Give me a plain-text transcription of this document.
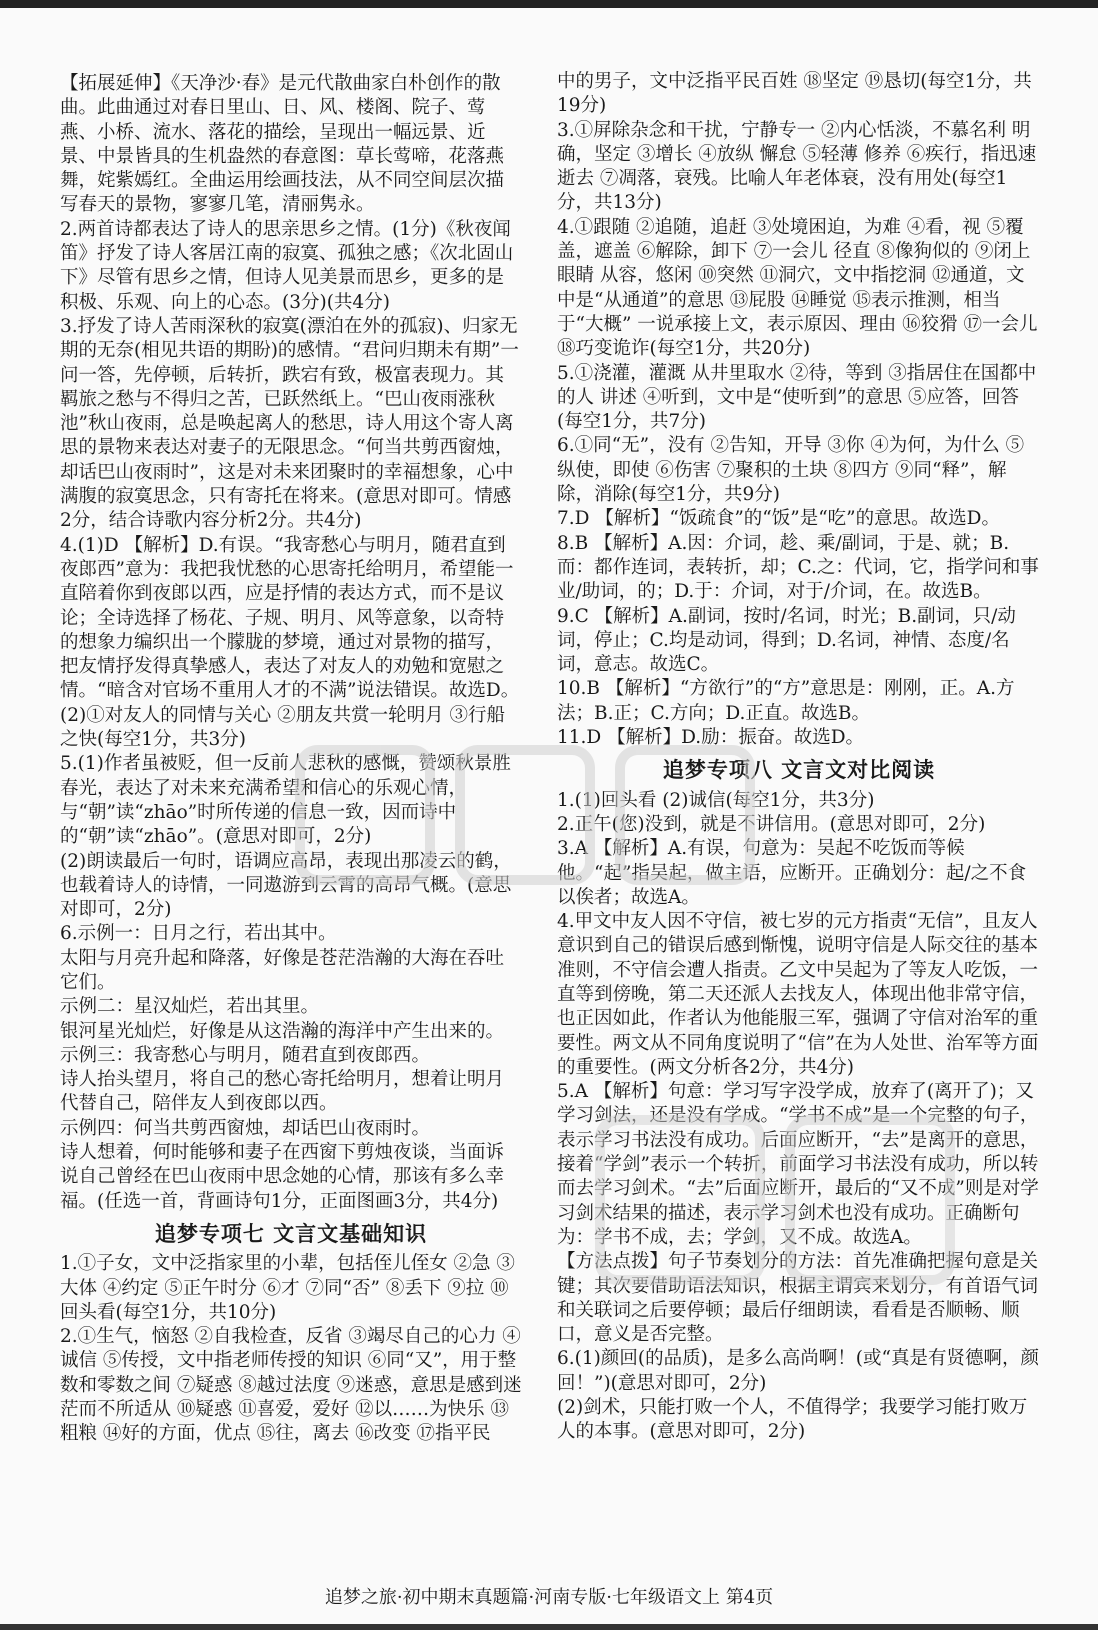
【拓展延伸】《天净沙·春》是元代散曲家白朴创作的散曲。此曲通过对春日里山、日、风、楼阁、院子、莺燕、小桥、流水、落花的描绘，呈现出一幅远景、近景、中景皆具的生机盎然的春意图：草长莺啼，花落燕舞，姹紫嫣红。全曲运用绘画技法，从不同空间层次描写春天的景物，寥寥几笔，清丽隽永。

2.两首诗都表达了诗人的思亲思乡之情。(1分)《秋夜闻笛》抒发了诗人客居江南的寂寞、孤独之感；《次北固山下》尽管有思乡之情，但诗人见美景而思乡，更多的是积极、乐观、向上的心态。(3分)(共4分)

3.抒发了诗人苦雨深秋的寂寞(漂泊在外的孤寂)、归家无期的无奈(相见共语的期盼)的感情。“君问归期未有期”一问一答，先停顿，后转折，跌宕有致，极富表现力。其羁旅之愁与不得归之苦，已跃然纸上。“巴山夜雨涨秋池”秋山夜雨，总是唤起离人的愁思，诗人用这个寄人离思的景物来表达对妻子的无限思念。“何当共剪西窗烛，却话巴山夜雨时”，这是对未来团聚时的幸福想象，心中满腹的寂寞思念，只有寄托在将来。(意思对即可。情感2分，结合诗歌内容分析2分。共4分)

4.(1)D 【解析】D.有误。“我寄愁心与明月，随君直到夜郎西”意为：我把我忧愁的心思寄托给明月，希望能一直陪着你到夜郎以西，应是抒情的表达方式，而不是议论；全诗选择了杨花、子规、明月、风等意象，以奇特的想象力编织出一个朦胧的梦境，通过对景物的描写，把友情抒发得真挚感人，表达了对友人的劝勉和宽慰之情。“暗含对官场不重用人才的不满”说法错误。故选D。

(2)①对友人的同情与关心 ②朋友共赏一轮明月 ③行船之快(每空1分，共3分)

5.(1)作者虽被贬，但一反前人悲秋的感慨，赞颂秋景胜春光，表达了对未来充满希望和信心的乐观心情，与“朝”读“zhāo”时所传递的信息一致，因而诗中的“朝”读“zhāo”。(意思对即可，2分)

(2)朗读最后一句时，语调应高昂，表现出那凌云的鹤，也载着诗人的诗情，一同遨游到云霄的高昂气概。(意思对即可，2分)

6.示例一：日月之行，若出其中。

太阳与月亮升起和降落，好像是苍茫浩瀚的大海在吞吐它们。

示例二：星汉灿烂，若出其里。

银河星光灿烂，好像是从这浩瀚的海洋中产生出来的。

示例三：我寄愁心与明月，随君直到夜郎西。

诗人抬头望月，将自己的愁心寄托给明月，想着让明月代替自己，陪伴友人到夜郎以西。

示例四：何当共剪西窗烛，却话巴山夜雨时。

诗人想着，何时能够和妻子在西窗下剪烛夜谈，当面诉说自己曾经在巴山夜雨中思念她的心情，那该有多么幸福。(任选一首，背画诗句1分，正面图画3分，共4分)

追梦专项七 文言文基础知识

1.①子女，文中泛指家里的小辈，包括侄儿侄女 ②急 ③大体 ④约定 ⑤正午时分 ⑥才 ⑦同“否” ⑧丢下 ⑨拉 ⑩回头看(每空1分，共10分)

2.①生气，恼怒 ②自我检查，反省 ③竭尽自己的心力 ④诚信 ⑤传授，文中指老师传授的知识 ⑥同“又”，用于整数和零数之间 ⑦疑惑 ⑧越过法度 ⑨迷惑，意思是感到迷茫而不所适从 ⑩疑惑 ⑪喜爱，爱好 ⑫以……为快乐 ⑬粗粮 ⑭好的方面，优点 ⑮往，离去 ⑯改变 ⑰指平民

中的男子，文中泛指平民百姓 ⑱坚定 ⑲恳切(每空1分，共19分)

3.①屏除杂念和干扰，宁静专一 ②内心恬淡，不慕名利 明确，坚定 ③增长 ④放纵 懈怠 ⑤轻薄 修养 ⑥疾行，指迅速逝去 ⑦凋落，衰残。比喻人年老体衰，没有用处(每空1分，共13分)

4.①跟随 ②追随，追赶 ③处境困迫，为难 ④看，视 ⑤覆盖，遮盖 ⑥解除，卸下 ⑦一会儿 径直 ⑧像狗似的 ⑨闭上眼睛 从容，悠闲 ⑩突然 ⑪洞穴，文中指挖洞 ⑫通道，文中是“从通道”的意思 ⑬屁股 ⑭睡觉 ⑮表示推测，相当于“大概” 一说承接上文，表示原因、理由 ⑯狡猾 ⑰一会儿 ⑱巧变诡诈(每空1分，共20分)

5.①浇灌，灌溉 从井里取水 ②待，等到 ③指居住在国都中的人 讲述 ④听到，文中是“使听到”的意思 ⑤应答，回答(每空1分，共7分)

6.①同“无”，没有 ②告知，开导 ③你 ④为何，为什么 ⑤纵使，即使 ⑥伤害 ⑦聚积的土块 ⑧四方 ⑨同“释”，解除，消除(每空1分，共9分)

7.D 【解析】“饭疏食”的“饭”是“吃”的意思。故选D。

8.B 【解析】A.因：介词，趁、乘/副词，于是、就；B.而：都作连词，表转折，却；C.之：代词，它，指学问和事业/助词，的；D.于：介词，对于/介词，在。故选B。

9.C 【解析】A.副词，按时/名词，时光；B.副词，只/动词，停止；C.均是动词，得到；D.名词，神情、态度/名词，意志。故选C。

10.B 【解析】“方欲行”的“方”意思是：刚刚，正。A.方法；B.正；C.方向；D.正直。故选B。

11.D 【解析】D.励：振奋。故选D。

追梦专项八 文言文对比阅读

1.(1)回头看 (2)诚信(每空1分，共3分)

2.正午(您)没到，就是不讲信用。(意思对即可，2分)

3.A 【解析】A.有误，句意为：吴起不吃饭而等候他。“起”指吴起，做主语，应断开。正确划分：起/之不食以俟者；故选A。

4.甲文中友人因不守信，被七岁的元方指责“无信”，且友人意识到自己的错误后感到惭愧，说明守信是人际交往的基本准则，不守信会遭人指责。乙文中吴起为了等友人吃饭，一直等到傍晚，第二天还派人去找友人，体现出他非常守信，也正因如此，作者认为他能服三军，强调了守信对治军的重要性。两文从不同角度说明了“信”在为人处世、治军等方面的重要性。(两文分析各2分，共4分)

5.A 【解析】句意：学习写字没学成，放弃了(离开了)；又学习剑法，还是没有学成。“学书不成”是一个完整的句子，表示学习书法没有成功。后面应断开，“去”是离开的意思，接着“学剑”表示一个转折，前面学习书法没有成功，所以转而去学习剑术。“去”后面应断开，最后的“又不成”则是对学习剑术结果的描述，表示学习剑术也没有成功。正确断句为：学书不成，去；学剑，又不成。故选A。

【方法点拨】句子节奏划分的方法：首先准确把握句意是关键；其次要借助语法知识，根据主谓宾来划分，有首语气词和关联词之后要停顿；最后仔细朗读，看看是否顺畅、顺口，意义是否完整。

6.(1)颜回(的品质)，是多么高尚啊！(或“真是有贤德啊，颜回！”)(意思对即可，2分)

(2)剑术，只能打败一个人，不值得学；我要学习能打败万人的本事。(意思对即可，2分)

追梦之旅·初中期末真题篇·河南专版·七年级语文上 第4页
